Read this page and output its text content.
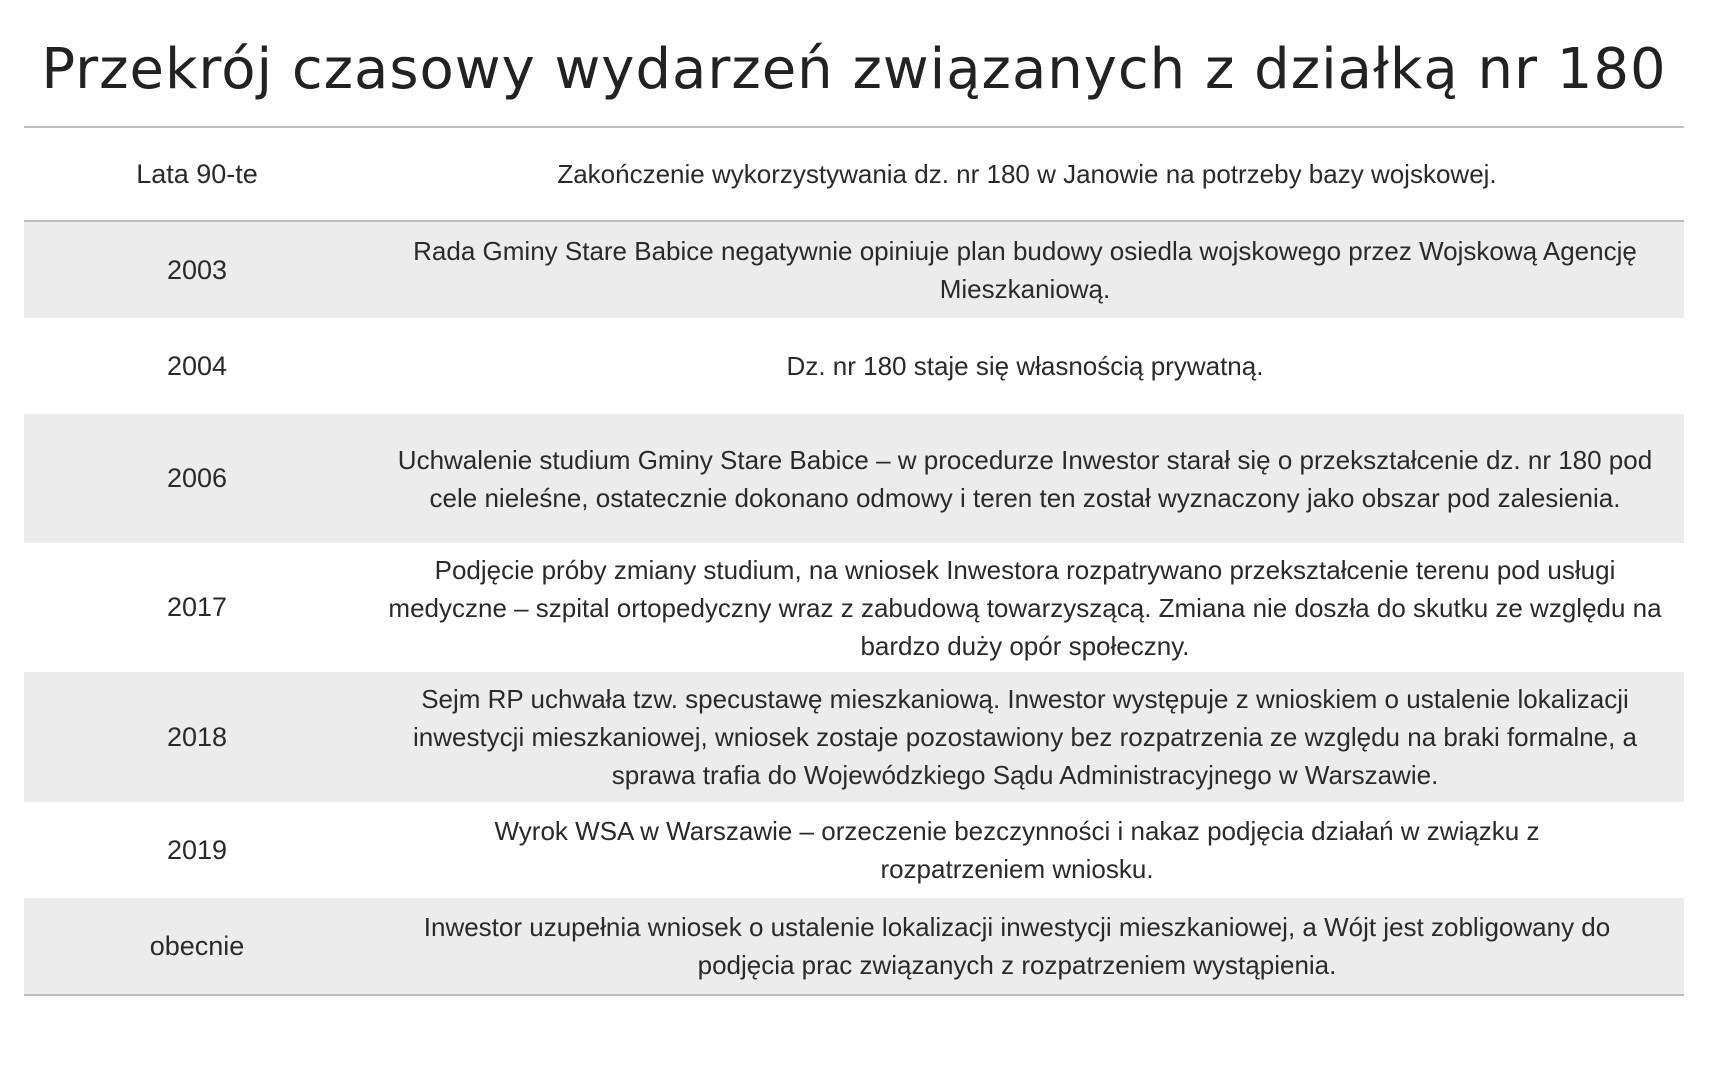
Przekrój czasowy wydarzeń związanych z działką nr 180
Lata 90-te	Zakończenie wykorzystywania dz. nr 180 w Janowie na potrzeby bazy wojskowej.
2003
Rada Gminy Stare Babice negatywnie opiniuje plan budowy osiedla wojskowego przez Wojskową Agencję Mieszkaniową.
2004	Dz. nr 180 staje się własnością prywatną.
2006
Uchwalenie studium Gminy Stare Babice – w procedurze Inwestor starał się o przekształcenie dz. nr 180 pod cele nieleśne, ostatecznie dokonano odmowy i teren ten został wyznaczony jako obszar pod zalesienia.
2017
Podjęcie próby zmiany studium, na wniosek Inwestora rozpatrywano przekształcenie terenu pod usługi medyczne – szpital ortopedyczny wraz z zabudową towarzyszącą. Zmiana nie doszła do skutku ze względu na bardzo duży opór społeczny.
2018
Sejm RP uchwała tzw. specustawę mieszkaniową. Inwestor występuje z wnioskiem o ustalenie lokalizacji inwestycji mieszkaniowej, wniosek zostaje pozostawiony bez rozpatrzenia ze względu na braki formalne, a sprawa trafia do Wojewódzkiego Sądu Administracyjnego w Warszawie.
2019
Wyrok WSA w Warszawie – orzeczenie bezczynności i nakaz podjęcia działań w związku z rozpatrzeniem wniosku.
obecnie
Inwestor uzupełnia wniosek o ustalenie lokalizacji inwestycji mieszkaniowej, a Wójt jest zobligowany do podjęcia prac związanych z rozpatrzeniem wystąpienia.
